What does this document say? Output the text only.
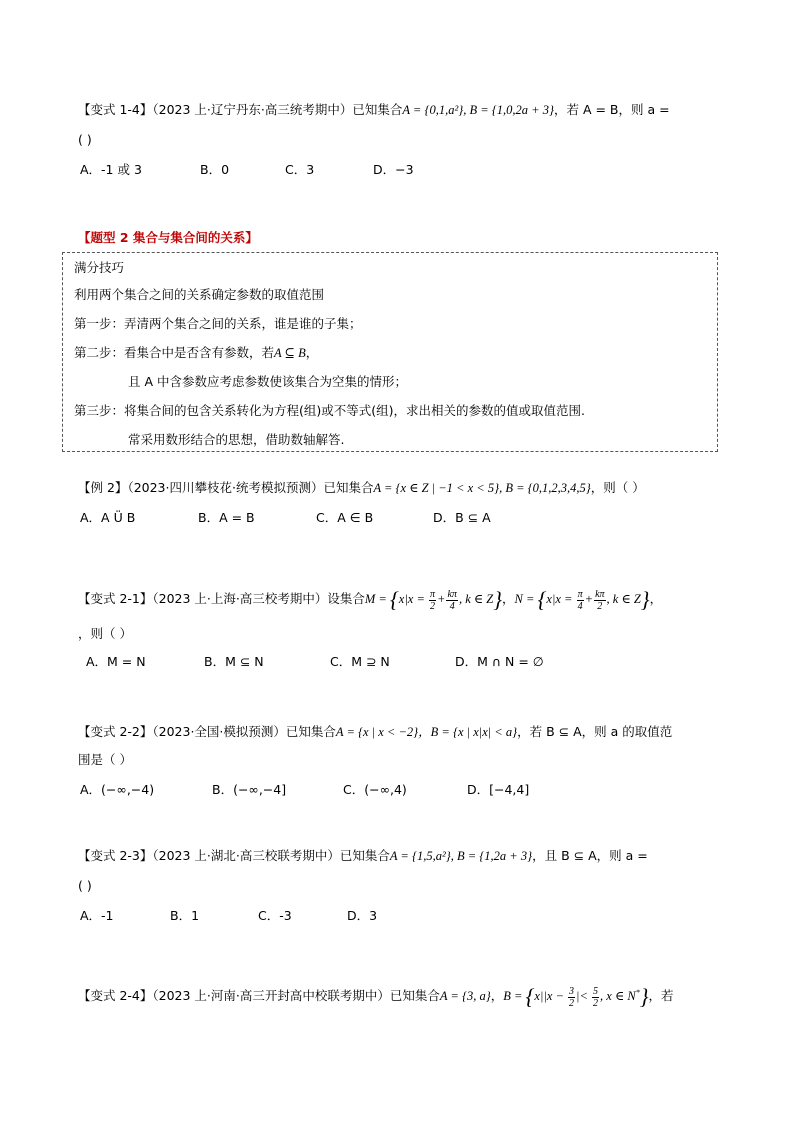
【变式 1-4】（2023 上·辽宁丹东·高三统考期中）已知集合A = {0,1,a²}, B = {1,0,2a + 3}，若 A = B，则 a =
( )
A．-1 或 3	B．0	C．3	D．−3
【题型 2 集合与集合间的关系】
满分技巧
利用两个集合之间的关系确定参数的取值范围
第一步：弄清两个集合之间的关系，谁是谁的子集；
第二步：看集合中是否含有参数，若A ⊆ B，
且 A 中含参数应考虑参数使该集合为空集的情形；
第三步：将集合间的包含关系转化为方程(组)或不等式(组)，求出相关的参数的值或取值范围.
常采用数形结合的思想，借助数轴解答.
【例 2】（2023·四川攀枝花·统考模拟预测）已知集合A = {x ∈ Z | −1 < x < 5}, B = {0,1,2,3,4,5}，则（ ）
A．A Ü B	B．A = B	C．A ∈ B	D．B ⊆ A
【变式 2-1】（2023 上·上海·高三校考期中）设集合$M = \{x|x = \frac{\pi}{2} + \frac{k\pi}{4}$ , k ∈ Z}，$N = \{x|x = \frac{\pi}{4} + \frac{k\pi}{2}$ , k ∈ Z}，
，则（ ）
A．M = N	B．M ⊆ N	C．M ⊇ N	D．M ∩ N = ∅
【变式 2-2】（2023·全国·模拟预测）已知集合A = {x | x < −2}，B = {x | x|x| < a}，若 B ⊆ A，则 a 的取值范
围是（ ）
A．(−∞,−4)	B．(−∞,−4]	C．(−∞,4)	D．[−4,4]
【变式 2-3】（2023 上·湖北·高三校联考期中）已知集合A = {1,5,a²}, B = {1,2a + 3}，且 B ⊆ A，则 a =
( )
A．-1	B．1	C．-3	D．3
【变式 2-4】（2023 上·河南·高三开封高中校联考期中）已知集合A = {3, a}，$B = \{x||x - \frac{3}{2}$ |< $\frac{5}{2}$ , x ∈ N*}，若
